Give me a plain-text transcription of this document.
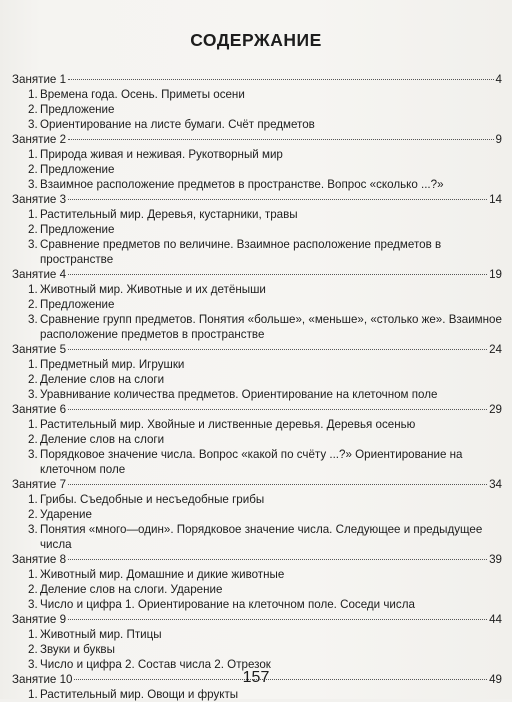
СОДЕРЖАНИЕ
Занятие 1	4
1. Времена года. Осень. Приметы осени
2. Предложение
3. Ориентирование на листе бумаги. Счёт предметов
Занятие 2	9
1. Природа живая и неживая. Рукотворный мир
2. Предложение
3. Взаимное расположение предметов в пространстве. Вопрос «сколько ...?»
Занятие 3	14
1. Растительный мир. Деревья, кустарники, травы
2. Предложение
3. Сравнение предметов по величине. Взаимное расположение предметов в пространстве
Занятие 4	19
1. Животный мир. Животные и их детёныши
2. Предложение
3. Сравнение групп предметов. Понятия «больше», «меньше», «столько же». Взаимное расположение предметов в пространстве
Занятие 5	24
1. Предметный мир. Игрушки
2. Деление слов на слоги
3. Уравнивание количества предметов. Ориентирование на клеточном поле
Занятие 6	29
1. Растительный мир. Хвойные и лиственные деревья. Деревья осенью
2. Деление слов на слоги
3. Порядковое значение числа. Вопрос «какой по счёту ...?» Ориентирование на клеточном поле
Занятие 7	34
1. Грибы. Съедобные и несъедобные грибы
2. Ударение
3. Понятия «много—один». Порядковое значение числа. Следующее и предыдущее числа
Занятие 8	39
1. Животный мир. Домашние и дикие животные
2. Деление слов на слоги. Ударение
3. Число и цифра 1. Ориентирование на клеточном поле. Соседи числа
Занятие 9	44
1. Животный мир. Птицы
2. Звуки и буквы
3. Число и цифра 2. Состав числа 2. Отрезок
Занятие 10	49
1. Растительный мир. Овощи и фрукты
157
